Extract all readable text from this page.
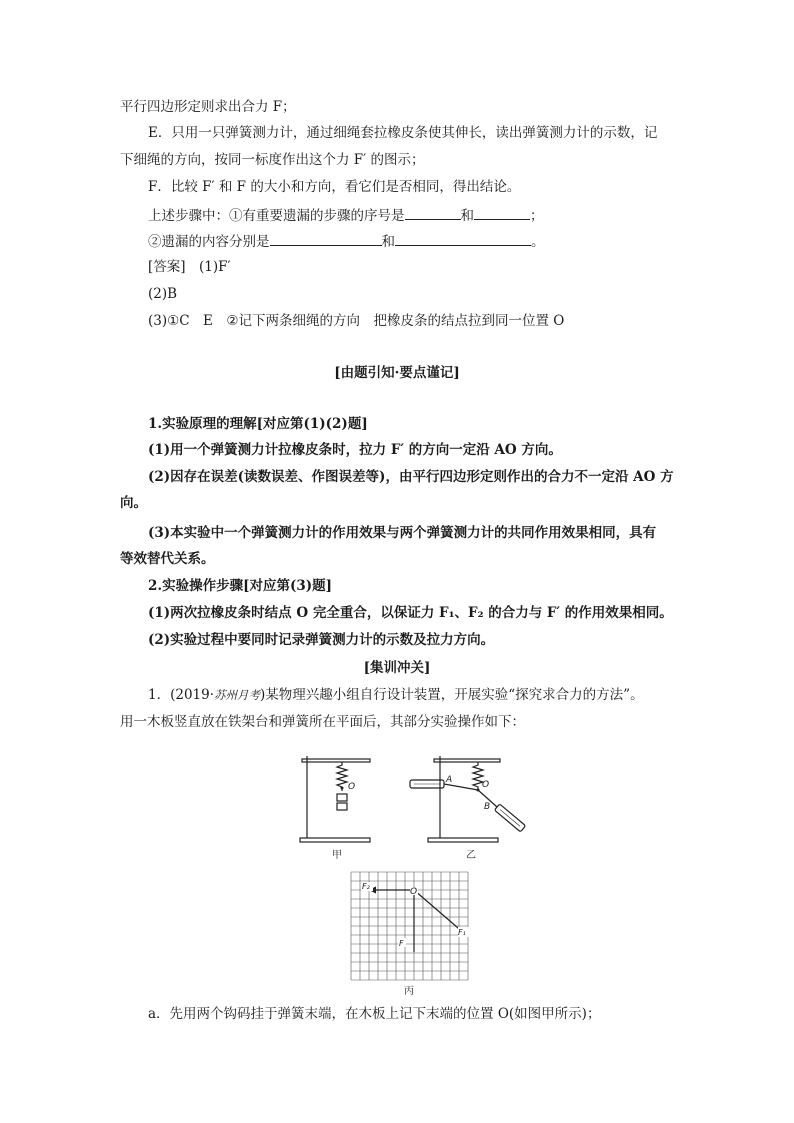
平行四边形定则求出合力 F；
E．只用一只弹簧测力计，通过细绳套拉橡皮条使其伸长，读出弹簧测力计的示数，记
下细绳的方向，按同一标度作出这个力 F′ 的图示；
F．比较 F′ 和 F 的大小和方向，看它们是否相同，得出结论。
上述步骤中：①有重要遗漏的步骤的序号是	和	；
②遗漏的内容分别是	和	。
[答案]　(1)F′
(2)B
(3)①C　E　②记下两条细绳的方向　把橡皮条的结点拉到同一位置 O
[由题引知·要点谨记]
1.实验原理的理解[对应第(1)(2)题]
(1)用一个弹簧测力计拉橡皮条时，拉力 F′ 的方向一定沿 AO 方向。
(2)因存在误差(读数误差、作图误差等)，由平行四边形定则作出的合力不一定沿 AO 方
向。
(3)本实验中一个弹簧测力计的作用效果与两个弹簧测力计的共同作用效果相同，具有
等效替代关系。
2.实验操作步骤[对应第(3)题]
(1)两次拉橡皮条时结点 O 完全重合，以保证力 F₁、F₂ 的合力与 F′ 的作用效果相同。
(2)实验过程中要同时记录弹簧测力计的示数及拉力方向。
[集训冲关]
1．(2019·苏州月考)某物理兴趣小组自行设计装置，开展实验“探究求合力的方法”。
用一木板竖直放在铁架台和弹簧所在平面后，其部分实验操作如下：
O
甲
A	O
B
乙
O
F₂
F₁
F
丙
a．先用两个钩码挂于弹簧末端，在木板上记下末端的位置 O(如图甲所示)；
